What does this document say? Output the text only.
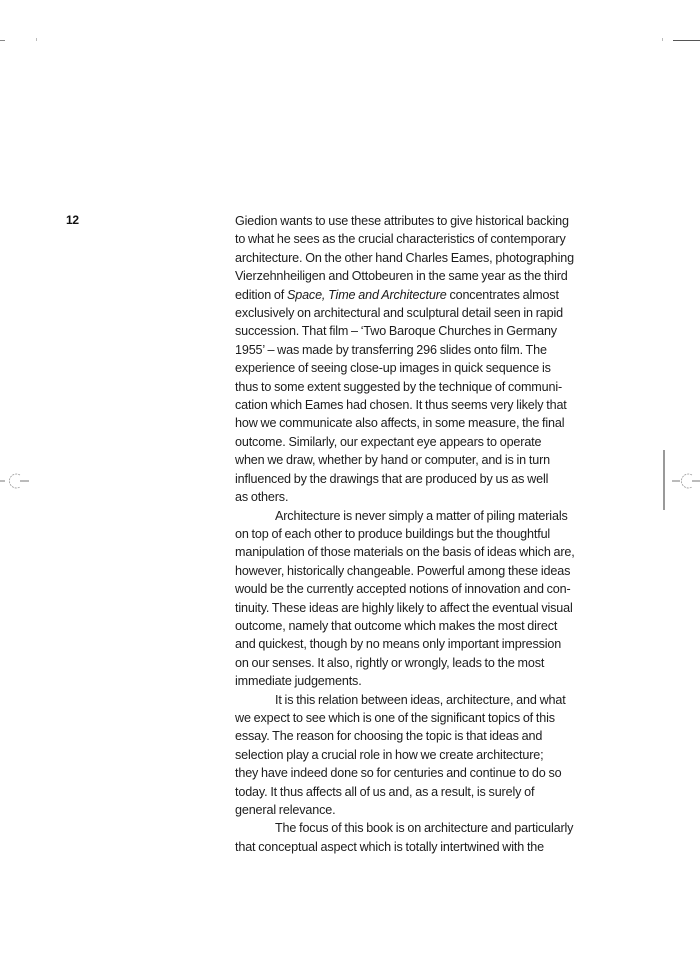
12	Giedion wants to use these attributes to give historical backing
to what he sees as the crucial characteristics of contemporary
architecture. On the other hand Charles Eames, photographing
Vierzehnheiligen and Ottobeuren in the same year as the third
edition of Space, Time and Architecture concentrates almost
exclusively on architectural and sculptural detail seen in rapid
succession. That film – ‘Two Baroque Churches in Germany
1955’ – was made by transferring 296 slides onto film. The
experience of seeing close-up images in quick sequence is
thus to some extent suggested by the technique of communi-
cation which Eames had chosen. It thus seems very likely that
how we communicate also affects, in some measure, the final
outcome. Similarly, our expectant eye appears to operate
when we draw, whether by hand or computer, and is in turn
influenced by the drawings that are produced by us as well
as others.
Architecture is never simply a matter of piling materials
on top of each other to produce buildings but the thoughtful
manipulation of those materials on the basis of ideas which are,
however, historically changeable. Powerful among these ideas
would be the currently accepted notions of innovation and con-
tinuity. These ideas are highly likely to affect the eventual visual
outcome, namely that outcome which makes the most direct
and quickest, though by no means only important impression
on our senses. It also, rightly or wrongly, leads to the most
immediate judgements.
It is this relation between ideas, architecture, and what
we expect to see which is one of the significant topics of this
essay. The reason for choosing the topic is that ideas and
selection play a crucial role in how we create architecture;
they have indeed done so for centuries and continue to do so
today. It thus affects all of us and, as a result, is surely of
general relevance.
The focus of this book is on architecture and particularly
that conceptual aspect which is totally intertwined with the
